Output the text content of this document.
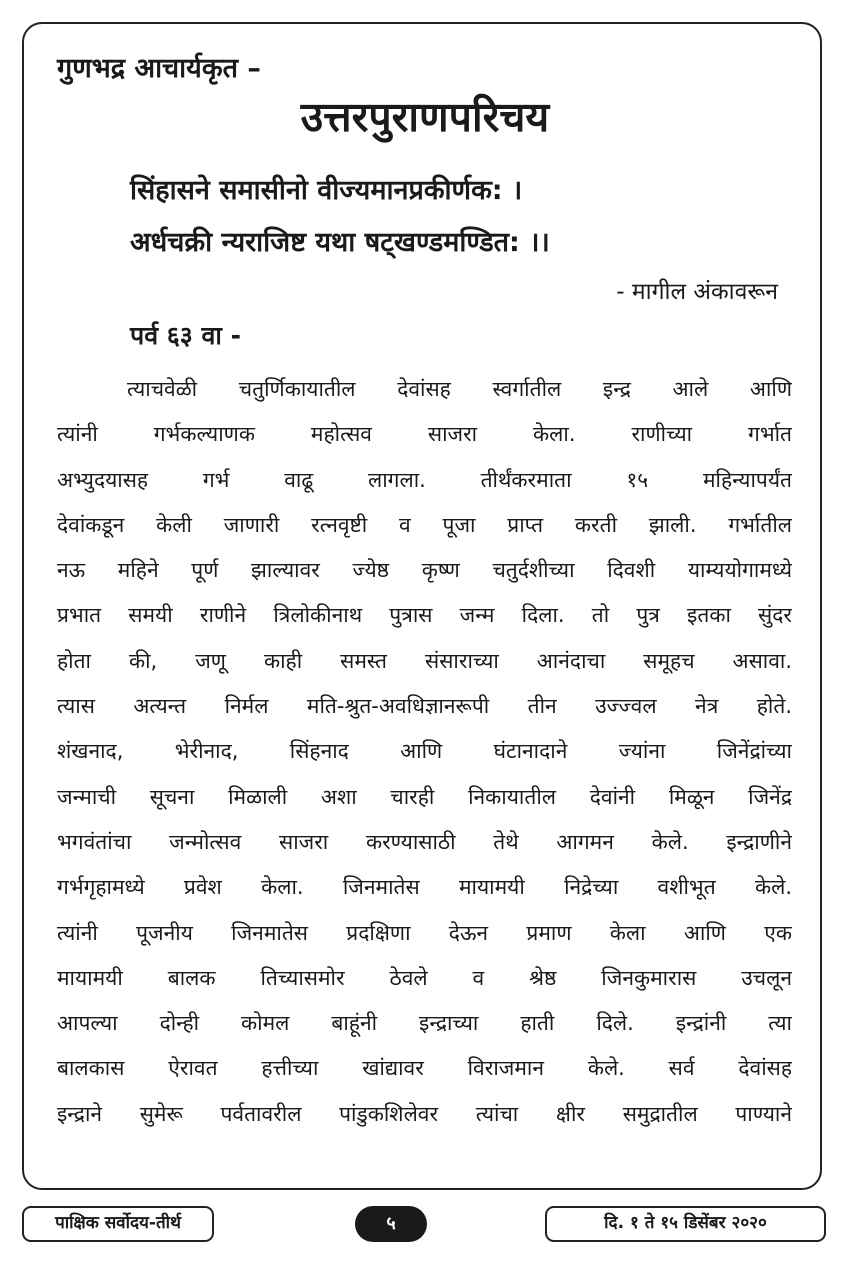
गुणभद्र आचार्यकृत –
उत्तरपुराणपरिचय
सिंहासने समासीनो वीज्यमानप्रकीर्णक: ।
अर्धचक्री न्यराजिष्ट यथा षट्खण्डमण्डित: ।।
- मागील अंकावरून
पर्व ६३ वा -
त्याचवेळी चतुर्णिकायातील देवांसह स्वर्गातील इन्द्र आले आणि
त्यांनी गर्भकल्याणक महोत्सव साजरा केला. राणीच्या गर्भात
अभ्युदयासह गर्भ वाढू लागला. तीर्थंकरमाता १५ महिन्यापर्यंत
देवांकडून केली जाणारी रत्नवृष्टी व पूजा प्राप्त करती झाली. गर्भातील
नऊ महिने पूर्ण झाल्यावर ज्येष्ठ कृष्ण चतुर्दशीच्या दिवशी याम्ययोगामध्ये
प्रभात समयी राणीने त्रिलोकीनाथ पुत्रास जन्म दिला. तो पुत्र इतका सुंदर
होता की, जणू काही समस्त संसाराच्या आनंदाचा समूहच असावा.
त्यास अत्यन्त निर्मल मति-श्रुत-अवधिज्ञानरूपी तीन उज्ज्वल नेत्र होते.
शंखनाद, भेरीनाद, सिंहनाद आणि घंटानादाने ज्यांना जिनेंद्रांच्या
जन्माची सूचना मिळाली अशा चारही निकायातील देवांनी मिळून जिनेंद्र
भगवंतांचा जन्मोत्सव साजरा करण्यासाठी तेथे आगमन केले. इन्द्राणीने
गर्भगृहामध्ये प्रवेश केला. जिनमातेस मायामयी निद्रेच्या वशीभूत केले.
त्यांनी पूजनीय जिनमातेस प्रदक्षिणा देऊन प्रमाण केला आणि एक
मायामयी बालक तिच्यासमोर ठेवले व श्रेष्ठ जिनकुमारास उचलून
आपल्या दोन्ही कोमल बाहूंनी इन्द्राच्या हाती दिले. इन्द्रांनी त्या
बालकास ऐरावत हत्तीच्या खांद्यावर विराजमान केले. सर्व देवांसह
इन्द्राने सुमेरू पर्वतावरील पांडुकशिलेवर त्यांचा क्षीर समुद्रातील पाण्याने
पाक्षिक सर्वोदय-तीर्थ	५	दि. १ ते १५ डिसेंबर २०२०
